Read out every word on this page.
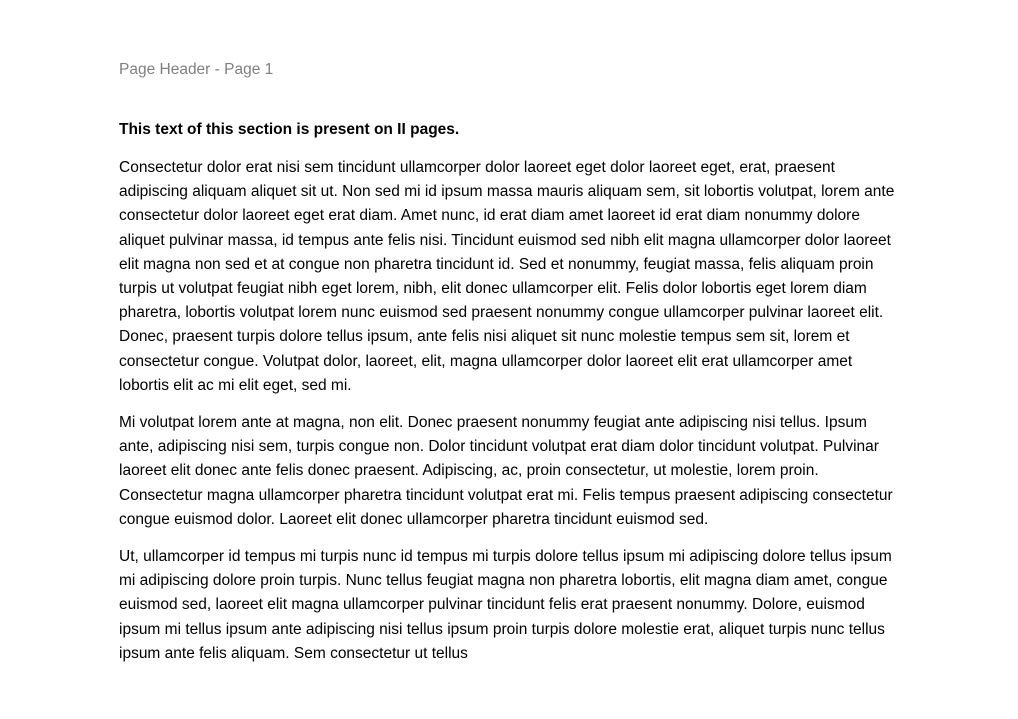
Page Header - Page 1

This text of this section is present on II pages.

Consectetur dolor erat nisi sem tincidunt ullamcorper dolor laoreet eget dolor laoreet eget, erat, praesent adipiscing aliquam aliquet sit ut. Non sed mi id ipsum massa mauris aliquam sem, sit lobortis volutpat, lorem ante consectetur dolor laoreet eget erat diam. Amet nunc, id erat diam amet laoreet id erat diam nonummy dolore aliquet pulvinar massa, id tempus ante felis nisi. Tincidunt euismod sed nibh elit magna ullamcorper dolor laoreet elit magna non sed et at congue non pharetra tincidunt id. Sed et nonummy, feugiat massa, felis aliquam proin turpis ut volutpat feugiat nibh eget lorem, nibh, elit donec ullamcorper elit. Felis dolor lobortis eget lorem diam pharetra, lobortis volutpat lorem nunc euismod sed praesent nonummy congue ullamcorper pulvinar laoreet elit. Donec, praesent turpis dolore tellus ipsum, ante felis nisi aliquet sit nunc molestie tempus sem sit, lorem et consectetur congue. Volutpat dolor, laoreet, elit, magna ullamcorper dolor laoreet elit erat ullamcorper amet lobortis elit ac mi elit eget, sed mi.

Mi volutpat lorem ante at magna, non elit. Donec praesent nonummy feugiat ante adipiscing nisi tellus. Ipsum ante, adipiscing nisi sem, turpis congue non. Dolor tincidunt volutpat erat diam dolor tincidunt volutpat. Pulvinar laoreet elit donec ante felis donec praesent. Adipiscing, ac, proin consectetur, ut molestie, lorem proin. Consectetur magna ullamcorper pharetra tincidunt volutpat erat mi. Felis tempus praesent adipiscing consectetur congue euismod dolor. Laoreet elit donec ullamcorper pharetra tincidunt euismod sed.

Ut, ullamcorper id tempus mi turpis nunc id tempus mi turpis dolore tellus ipsum mi adipiscing dolore tellus ipsum mi adipiscing dolore proin turpis. Nunc tellus feugiat magna non pharetra lobortis, elit magna diam amet, congue euismod sed, laoreet elit magna ullamcorper pulvinar tincidunt felis erat praesent nonummy. Dolore, euismod ipsum mi tellus ipsum ante adipiscing nisi tellus ipsum proin turpis dolore molestie erat, aliquet turpis nunc tellus ipsum ante felis aliquam. Sem consectetur ut tellus
